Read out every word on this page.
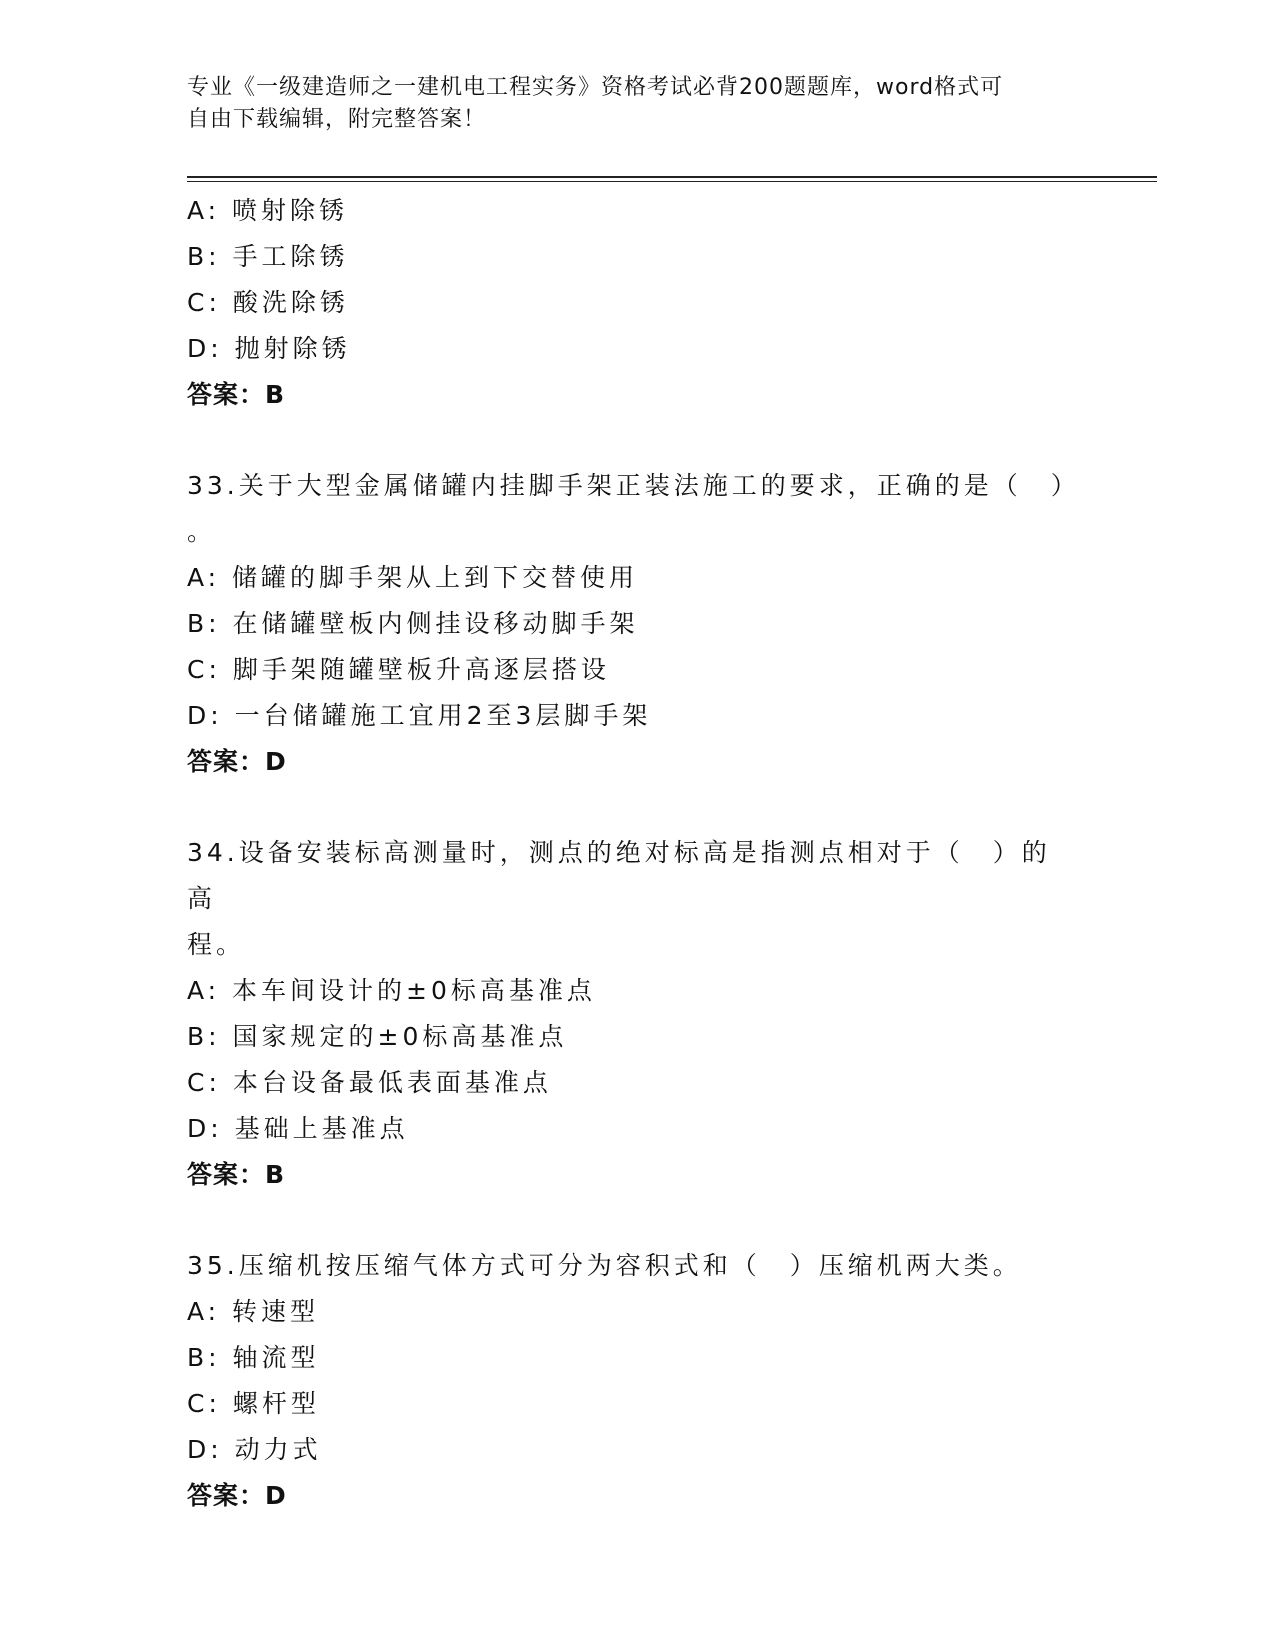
专业《一级建造师之一建机电工程实务》资格考试必背200题题库，word格式可
自由下载编辑，附完整答案！
A: 喷射除锈
B: 手工除锈
C: 酸洗除锈
D: 抛射除锈
答案：B
33.关于大型金属储罐内挂脚手架正装法施工的要求，正确的是（　）
。
A: 储罐的脚手架从上到下交替使用
B: 在储罐壁板内侧挂设移动脚手架
C: 脚手架随罐壁板升高逐层搭设
D: 一台储罐施工宜用2至3层脚手架
答案：D
34.设备安装标高测量时，测点的绝对标高是指测点相对于（　）的高
程。
A: 本车间设计的±0标高基准点
B: 国家规定的±0标高基准点
C: 本台设备最低表面基准点
D: 基础上基准点
答案：B
35.压缩机按压缩气体方式可分为容积式和（　）压缩机两大类。
A: 转速型
B: 轴流型
C: 螺杆型
D: 动力式
答案：D
